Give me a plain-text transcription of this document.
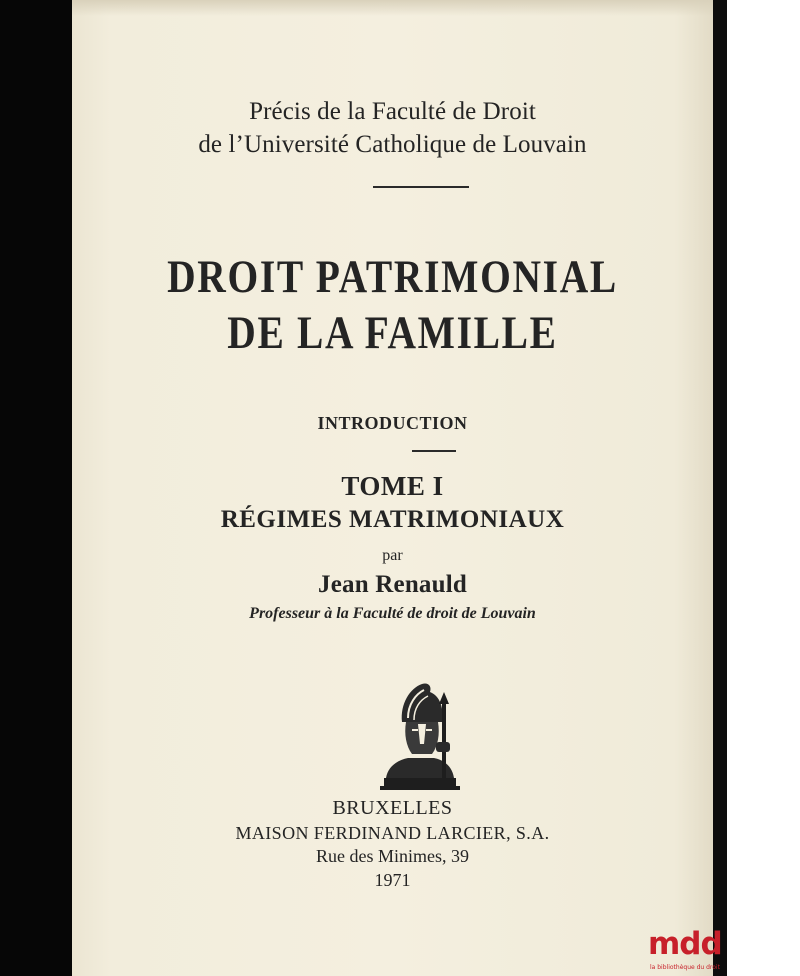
Précis de la Faculté de Droit
de l’Université Catholique de Louvain
DROIT PATRIMONIAL
DE LA FAMILLE
INTRODUCTION
TOME I
RÉGIMES MATRIMONIAUX
par
Jean Renauld
Professeur à la Faculté de droit de Louvain
BRUXELLES
MAISON FERDINAND LARCIER, S.A.
Rue des Minimes, 39
1971
mdd
la bibliothèque du droit
